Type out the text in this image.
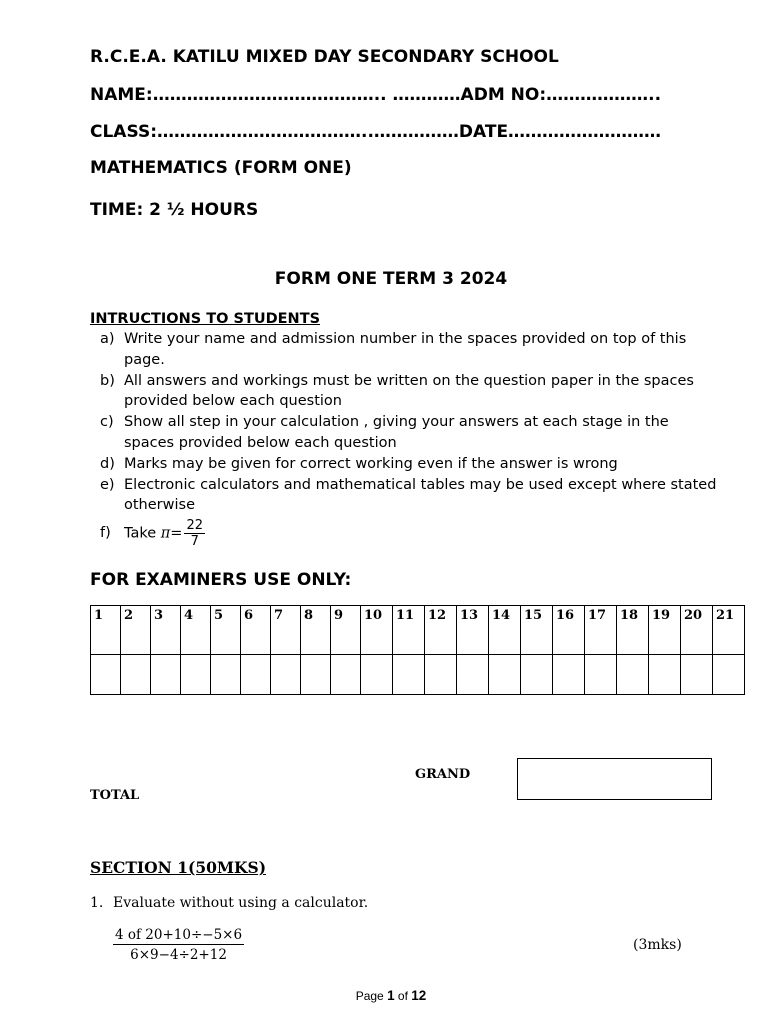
R.C.E.A. KATILU MIXED DAY SECONDARY SCHOOL
NAME:………………………………….. …………ADM NO:………………..
CLASS:………………………………..……………DATE………………………
MATHEMATICS (FORM ONE)
TIME: 2 ½ HOURS
FORM ONE TERM 3 2024
INTRUCTIONS TO STUDENTS
a) Write your name and admission number in the spaces provided on top of this page.
b) All answers and workings must be written on the question paper in the spaces provided below each question
c) Show all step in your calculation , giving your answers at each stage in the spaces provided below each question
d) Marks may be given for correct working even if the answer is wrong
e) Electronic calculators and mathematical tables may be used except where stated otherwise
f) Take $\pi= \frac{22}{7}$
FOR EXAMINERS USE ONLY:
1	2	3	4	5	6	7	8	9	10	11	12	13	14	15	16	17	18	19	20	21

GRAND
TOTAL
SECTION 1(50MKS)
1. Evaluate without using a calculator.
$\frac{4 of 20+10\div-5\times 6}{6\times 9-4\div 2+12}$	(3mks)
Page 1 of 12
